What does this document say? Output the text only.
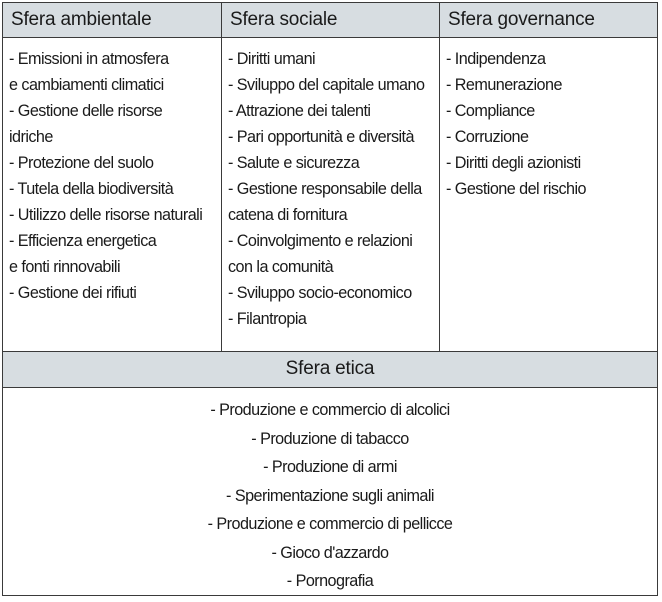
Sfera ambientale
- Emissioni in atmosfera
e cambiamenti climatici
- Gestione delle risorse
idriche
- Protezione del suolo
- Tutela della biodiversità
- Utilizzo delle risorse naturali
- Efficienza energetica
e fonti rinnovabili
- Gestione dei rifiuti
Sfera sociale
- Diritti umani
- Sviluppo del capitale umano
- Attrazione dei talenti
- Pari opportunità e diversità
- Salute e sicurezza
- Gestione responsabile della
catena di fornitura
- Coinvolgimento e relazioni
con la comunità
- Sviluppo socio-economico
- Filantropia
Sfera governance
- Indipendenza
- Remunerazione
- Compliance
- Corruzione
- Diritti degli azionisti
- Gestione del rischio
Sfera etica
- Produzione e commercio di alcolici
- Produzione di tabacco
- Produzione di armi
- Sperimentazione sugli animali
- Produzione e commercio di pellicce
- Gioco d'azzardo
- Pornografia
